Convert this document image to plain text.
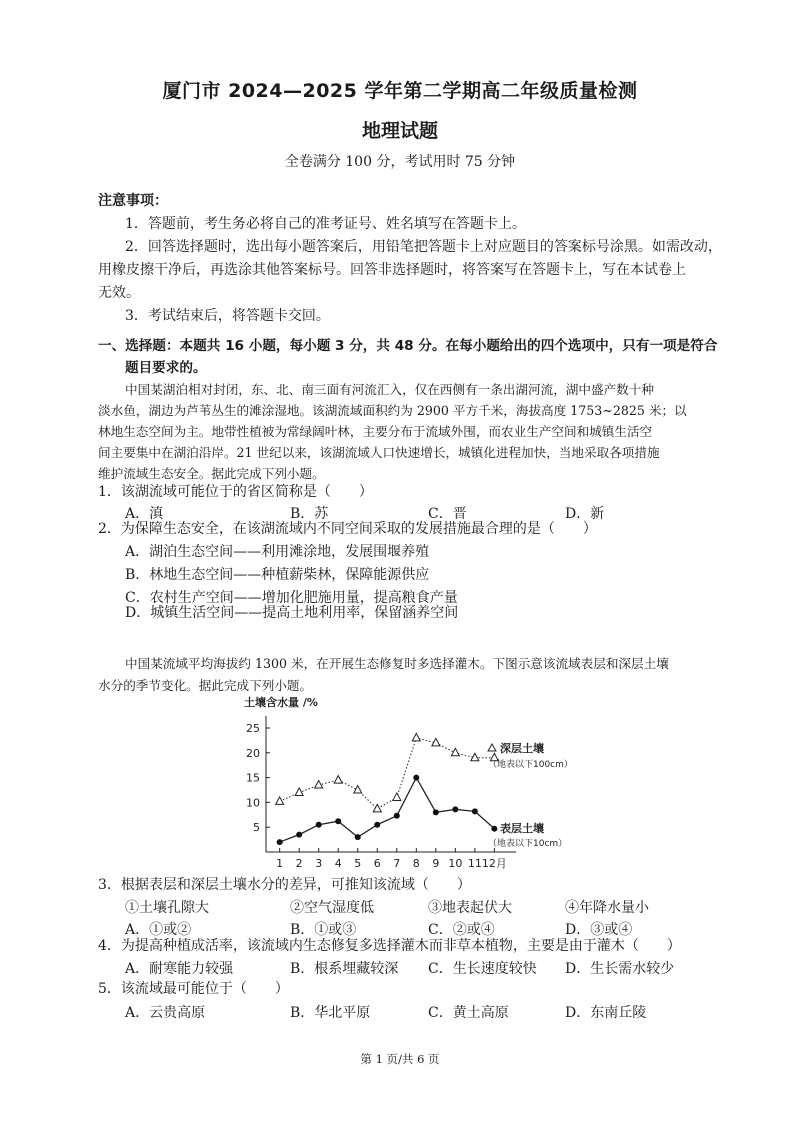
厦门市 2024—2025 学年第二学期高二年级质量检测
地理试题
全卷满分 100 分，考试用时 75 分钟
注意事项：
1．答题前，考生务必将自己的准考证号、姓名填写在答题卡上。
2．回答选择题时，选出每小题答案后，用铅笔把答题卡上对应题目的答案标号涂黑。如需改动，
用橡皮擦干净后，再选涂其他答案标号。回答非选择题时，将答案写在答题卡上，写在本试卷上
无效。
3．考试结束后，将答题卡交回。
一、选择题：本题共 16 小题，每小题 3 分，共 48 分。在每小题给出的四个选项中，只有一项是符合
题目要求的。
中国某湖泊相对封闭，东、北、南三面有河流汇入，仅在西侧有一条出湖河流，湖中盛产数十种
淡水鱼，湖边为芦苇丛生的滩涂湿地。该湖流域面积约为 2900 平方千米，海拔高度 1753~2825 米；以
林地生态空间为主。地带性植被为常绿阔叶林，主要分布于流域外围，而农业生产空间和城镇生活空
间主要集中在湖泊沿岸。21 世纪以来，该湖流域人口快速增长，城镇化进程加快，当地采取各项措施
维护流域生态安全。据此完成下列小题。
1．该湖流域可能位于的省区简称是（　　）
A．滇	B．苏	C．晋	D．新
2．为保障生态安全，在该湖流域内不同空间采取的发展措施最合理的是（　　）
A．湖泊生态空间——利用滩涂地，发展围堰养殖
B．林地生态空间——种植薪柴林，保障能源供应
C．农村生产空间——增加化肥施用量，提高粮食产量
D．城镇生活空间——提高土地利用率，保留涵养空间
中国某流域平均海拔约 1300 米，在开展生态修复时多选择灌木。下图示意该流域表层和深层土壤
水分的季节变化。据此完成下列小题。
土壤含水量 /%
5
10
15
20
25
1 2 3 4 5 6 7 8 9 10 11 12月
深层土壤
（地表以下100cm）
表层土壤
（地表以下10cm）
3．根据表层和深层土壤水分的差异，可推知该流域（　　）
①土壤孔隙大	②空气湿度低	③地表起伏大	④年降水量小
A．①或②	B．①或③	C．②或④	D．③或④
4．为提高种植成活率，该流域内生态修复多选择灌木而非草本植物，主要是由于灌木（　　）
A．耐寒能力较强	B．根系埋藏较深 C．生长速度较快 D．生长需水较少
5．该流域最可能位于（　　）
A．云贵高原	B．华北平原	C．黄土高原	D．东南丘陵
第 1 页/共 6 页
